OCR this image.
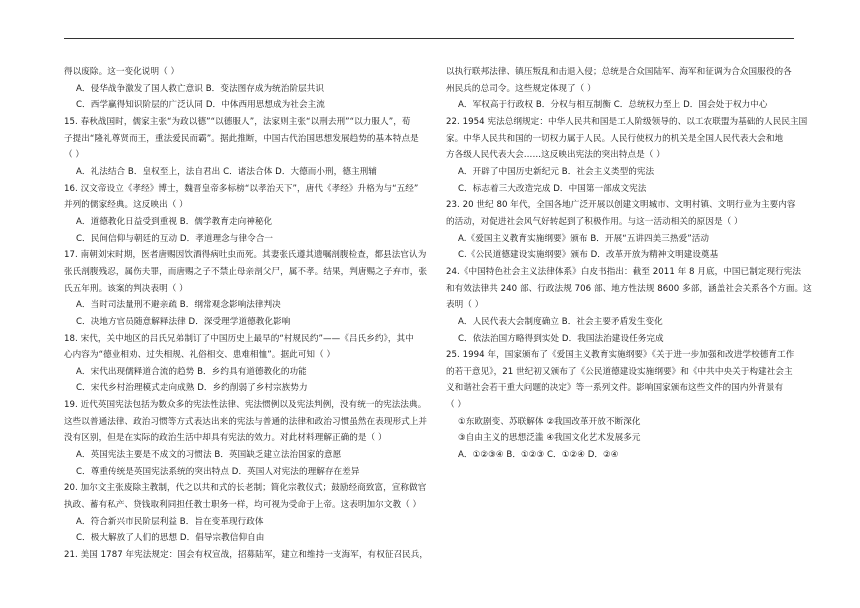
得以废除。这一变化说明（ ）
A．侵华战争激发了国人救亡意识 B．变法图存成为统治阶层共识
C．西学赢得知识阶层的广泛认同 D．中体西用思想成为社会主流
15. 春秋战国时，儒家主张“为政以德”“以德服人”，法家则主张“以刑去刑”“以力服人”，荀
子提出“隆礼尊贤而王，重法爱民而霸”。据此推断，中国古代治国思想发展趋势的基本特点是
（ ）
A．礼法结合 B．皇权至上，法自君出 C．诸法合体 D．大德而小刑，德主刑辅
16. 汉文帝设立《孝经》博士，魏晋皇帝多标榜“以孝治天下”，唐代《孝经》升格为与“五经”
并列的儒家经典。这反映出（ ）
A．道德教化日益受到重视 B．儒学教育走向神秘化
C．民间信仰与朝廷的互动 D．孝道理念与律令合一
17. 南朝刘宋时期，医者唐赐因饮酒得病吐虫而死。其妻张氏遵其遗嘱剖腹检查，都县法官认为
张氏剖腹残忍，属伤夫罪，而唐赐之子不禁止母亲剖父尸，属不孝。结果，判唐赐之子弃市，张
氏五年刑。该案的判决表明（ ）
A．当时司法量刑不避亲疏 B．纲常观念影响法律判决
C．决地方官员随意解释法律 D．深受理学道德教化影响
18. 宋代，关中地区的吕氏兄弟制订了中国历史上最早的“村规民约”——《吕氏乡约》，其中
心内容为“德业相劝、过失相规、礼俗相交、患难相恤”。据此可知（ ）
A．宋代出现儒释道合流的趋势 B．乡约具有道德教化的功能
C．宋代乡村治理模式走向成熟 D．乡约削弱了乡村宗族势力
19. 近代英国宪法包括为数众多的宪法性法律、宪法惯例以及宪法判例，没有统一的宪法法典。
这些以普通法律、政治习惯等方式表达出来的宪法与普通的法律和政治习惯虽然在表现形式上并
没有区别，但是在实际的政治生活中却具有宪法的效力。对此材料理解正确的是（ ）
A．英国宪法主要是不成文的习惯法 B．英国缺乏建立法治国家的意愿
C．尊重传统是英国宪法系统的突出特点 D．英国人对宪法的理解存在差异
20. 加尔文主张废除主教制，代之以共和式的长老制；简化宗教仪式；鼓励经商致富，宣称做官
执政、蓄有私产、贷钱取利同担任教士职务一样，均可视为受命于上帝。这表明加尔文教（ ）
A．符合新兴市民阶层利益 B．旨在变革现行政体
C．极大解放了人们的思想 D．倡导宗教信仰自由
21. 美国 1787 年宪法规定：国会有权宣战，招募陆军，建立和维持一支海军，有权征召民兵，
以执行联邦法律、镇压叛乱和击退入侵；总统是合众国陆军、海军和征调为合众国服役的各
州民兵的总司令。这些规定体现了（ ）
A．军权高于行政权 B．分权与相互制衡 C．总统权力至上 D．国会处于权力中心
22. 1954 宪法总纲规定：中华人民共和国是工人阶级领导的、以工农联盟为基础的人民民主国
家。中华人民共和国的一切权力属于人民。人民行使权力的机关是全国人民代表大会和地
方各级人民代表大会……这反映出宪法的突出特点是（ ）
A．开辟了中国历史新纪元 B．社会主义类型的宪法
C．标志着三大改造完成 D．中国第一部成文宪法
23. 20 世纪 80 年代，全国各地广泛开展以创建文明城市、文明村镇、文明行业为主要内容
的活动，对促进社会风气好转起到了积极作用。与这一活动相关的原因是（ ）
A.《爱国主义教育实施纲要》颁布 B．开展“五讲四美三热爱”活动
C.《公民道德建设实施纲要》颁布 D．改革开放为精神文明建设奠基
24.《中国特色社会主义法律体系》白皮书指出：截至 2011 年 8 月底，中国已制定现行宪法
和有效法律共 240 部、行政法规 706 部、地方性法规 8600 多部，涵盖社会关系各个方面。这
表明（ ）
A．人民代表大会制度确立 B．社会主要矛盾发生变化
C．依法治国方略得到实处 D．我国法治建设任务完成
25. 1994 年，国家颁布了《爱国主义教育实施纲要》《关于进一步加强和改进学校德育工作
的若干意见》，21 世纪初又颁布了《公民道德建设实施纲要》和《中共中央关于构建社会主
义和谐社会若干重大问题的决定》等一系列文件。影响国家颁布这些文件的国内外背景有
（ ）
①东欧剧变、苏联解体 ②我国改革开放不断深化
③自由主义的思想泛滥 ④我国文化艺术发展多元
A．①②③④ B．①②③ C．①②④ D．②④
